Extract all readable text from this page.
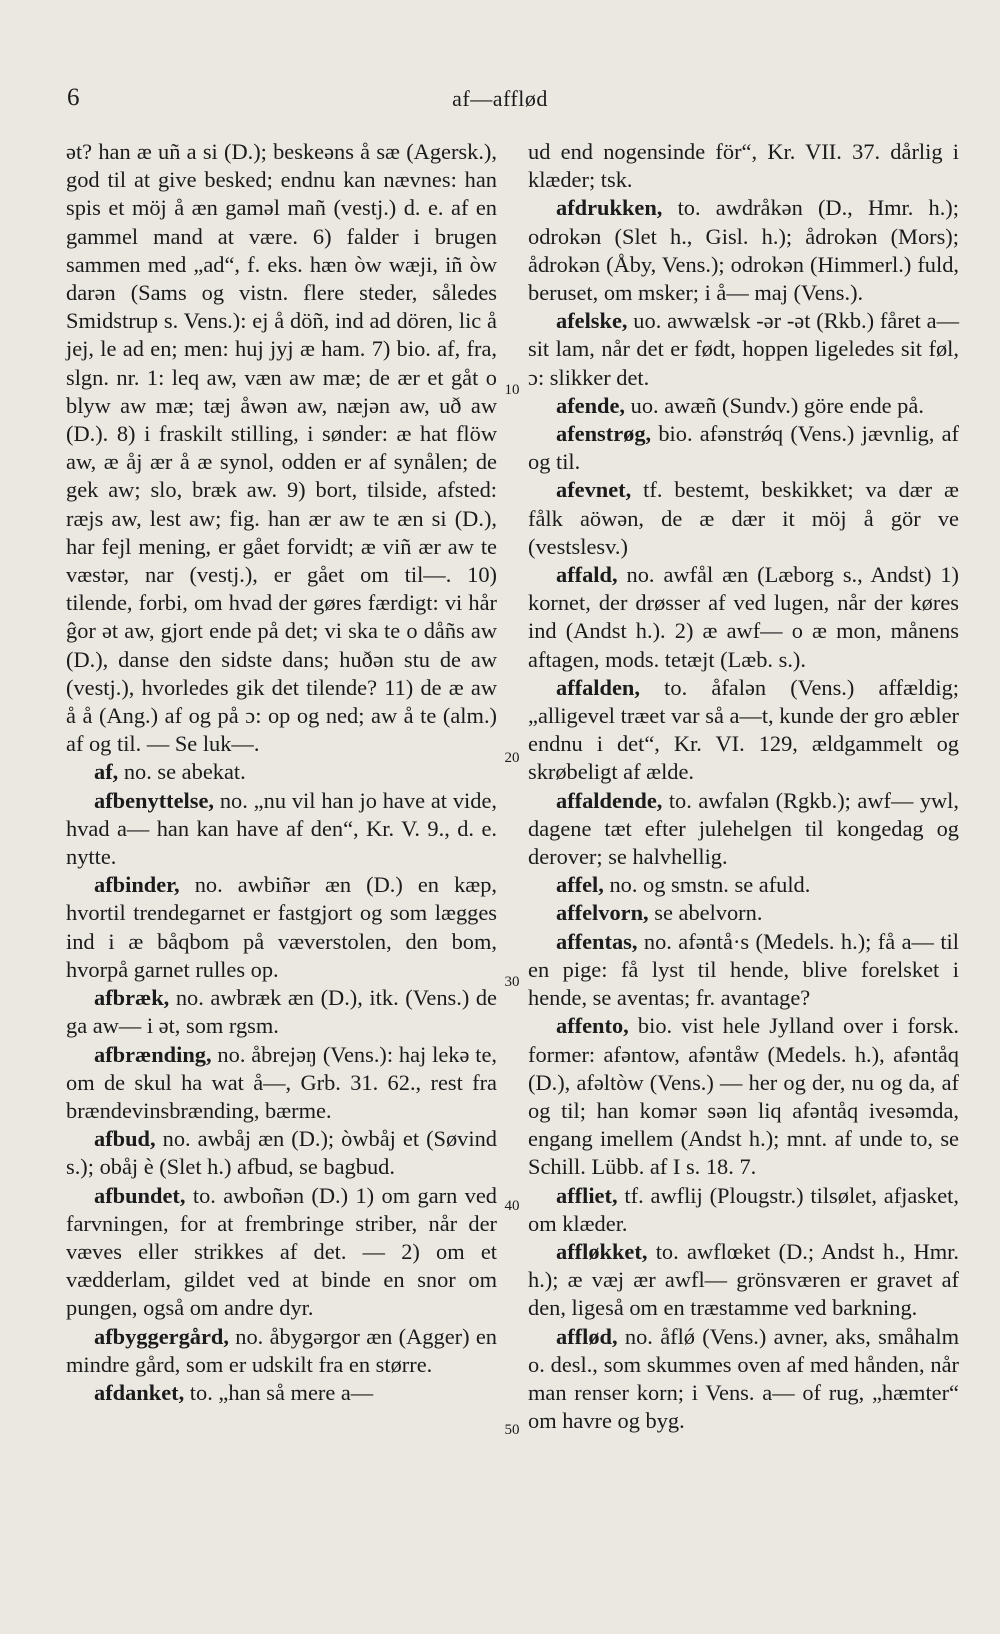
6	af—afflød

ət? han æ uñ a si (D.); beskeəns å sæ (Agersk.), god til at give besked; endnu kan nævnes: han spis et möj å æn gaməl mañ (vestj.) d. e. af en gammel mand at være. 6) falder i brugen sammen med „ad“, f. eks. hæn òw wæji, iñ òw darən (Sams og vistn. flere steder, således Smidstrup s. Vens.): ej å döñ, ind ad dören, lic å jej, le ad en; men: huj jyj æ ham. 7) bio. af, fra, slgn. nr. 1: leq aw, væn aw mæ; de ær et gåt o blyw aw mæ; tæj åwən aw, næjən aw, uð aw (D.). 8) i fraskilt stilling, i sønder: æ hat flöw aw, æ åj ær å æ synol, odden er af synålen; de gek aw; slo, bræk aw. 9) bort, tilside, afsted: ræjs aw, lest aw; fig. han ær aw te æn si (D.), har fejl mening, er gået forvidt; æ viñ ær aw te væstər, nar (vestj.), er gået om til—. 10) tilende, forbi, om hvad der gøres færdigt: vi hår ĝor ət aw, gjort ende på det; vi ska te o dåñs aw (D.), danse den sidste dans; huðən stu de aw (vestj.), hvorledes gik det tilende? 11) de æ aw å å (Ang.) af og på ɔ: op og ned; aw å te (alm.) af og til. — Se luk—.

af, no. se abekat.

afbenyttelse, no. „nu vil han jo have at vide, hvad a— han kan have af den“, Kr. V. 9., d. e. nytte.

afbinder, no. awbiñər æn (D.) en kæp, hvortil trendegarnet er fastgjort og som lægges ind i æ båqbom på væverstolen, den bom, hvorpå garnet rulles op.

afbræk, no. awbræk æn (D.), itk. (Vens.) de ga aw— i ət, som rgsm.

afbrænding, no. åbrejəŋ (Vens.): haj lekə te, om de skul ha wat å—, Grb. 31. 62., rest fra brændevinsbrænding, bærme.

afbud, no. awbåj æn (D.); òwbåj et (Søvind s.); obåj è (Slet h.) afbud, se bagbud.

afbundet, to. awboñən (D.) 1) om garn ved farvningen, for at frembringe striber, når der væves eller strikkes af det. — 2) om et vædderlam, gildet ved at binde en snor om pungen, også om andre dyr.

afbyggergård, no. åbygərgor æn (Agger) en mindre gård, som er udskilt fra en større.

afdanket, to. „han så mere a—

10
20
30
40
50

ud end nogensinde för“, Kr. VII. 37. dårlig i klæder; tsk.

afdrukken, to. awdråkən (D., Hmr. h.); odrokən (Slet h., Gisl. h.); ådrokən (Mors); ådrokən (Åby, Vens.); odrokən (Himmerl.) fuld, beruset, om msker; i å— maj (Vens.).

afelske, uo. awwælsk -ər -ət (Rkb.) fåret a— sit lam, når det er født, hoppen ligeledes sit føl, ɔ: slikker det.

afende, uo. awæñ (Sundv.) göre ende på.

afenstrøg, bio. afənstrǿq (Vens.) jævnlig, af og til.

afevnet, tf. bestemt, beskikket; va dær æ fålk aöwən, de æ dær it möj å gör ve (vestslesv.)

affald, no. awfål æn (Læborg s., Andst) 1) kornet, der drøsser af ved lugen, når der køres ind (Andst h.). 2) æ awf— o æ mon, månens aftagen, mods. tetæjt (Læb. s.).

affalden, to. åfalən (Vens.) affældig; „alligevel træet var så a—t, kunde der gro æbler endnu i det“, Kr. VI. 129, ældgammelt og skrøbeligt af ælde.

affaldende, to. awfalən (Rgkb.); awf— ywl, dagene tæt efter julehelgen til kongedag og derover; se halvhellig.

affel, no. og smstn. se afuld.

affelvorn, se abelvorn.

affentas, no. afəntå·s (Medels. h.); få a— til en pige: få lyst til hende, blive forelsket i hende, se aventas; fr. avantage?

affento, bio. vist hele Jylland over i forsk. former: afəntow, afəntåw (Medels. h.), afəntåq (D.), afəltòw (Vens.) — her og der, nu og da, af og til; han komər səən liq afəntåq ivesəmda, engang imellem (Andst h.); mnt. af unde to, se Schill. Lübb. af I s. 18. 7.

affliet, tf. awflij (Plougstr.) tilsølet, afjasket, om klæder.

affløkket, to. awflœket (D.; Andst h., Hmr. h.); æ væj ær awfl— grönsværen er gravet af den, ligeså om en træstamme ved barkning.

afflød, no. åflǿ (Vens.) avner, aks, småhalm o. desl., som skummes oven af med hånden, når man renser korn; i Vens. a— of rug, „hæmter“ om havre og byg.
